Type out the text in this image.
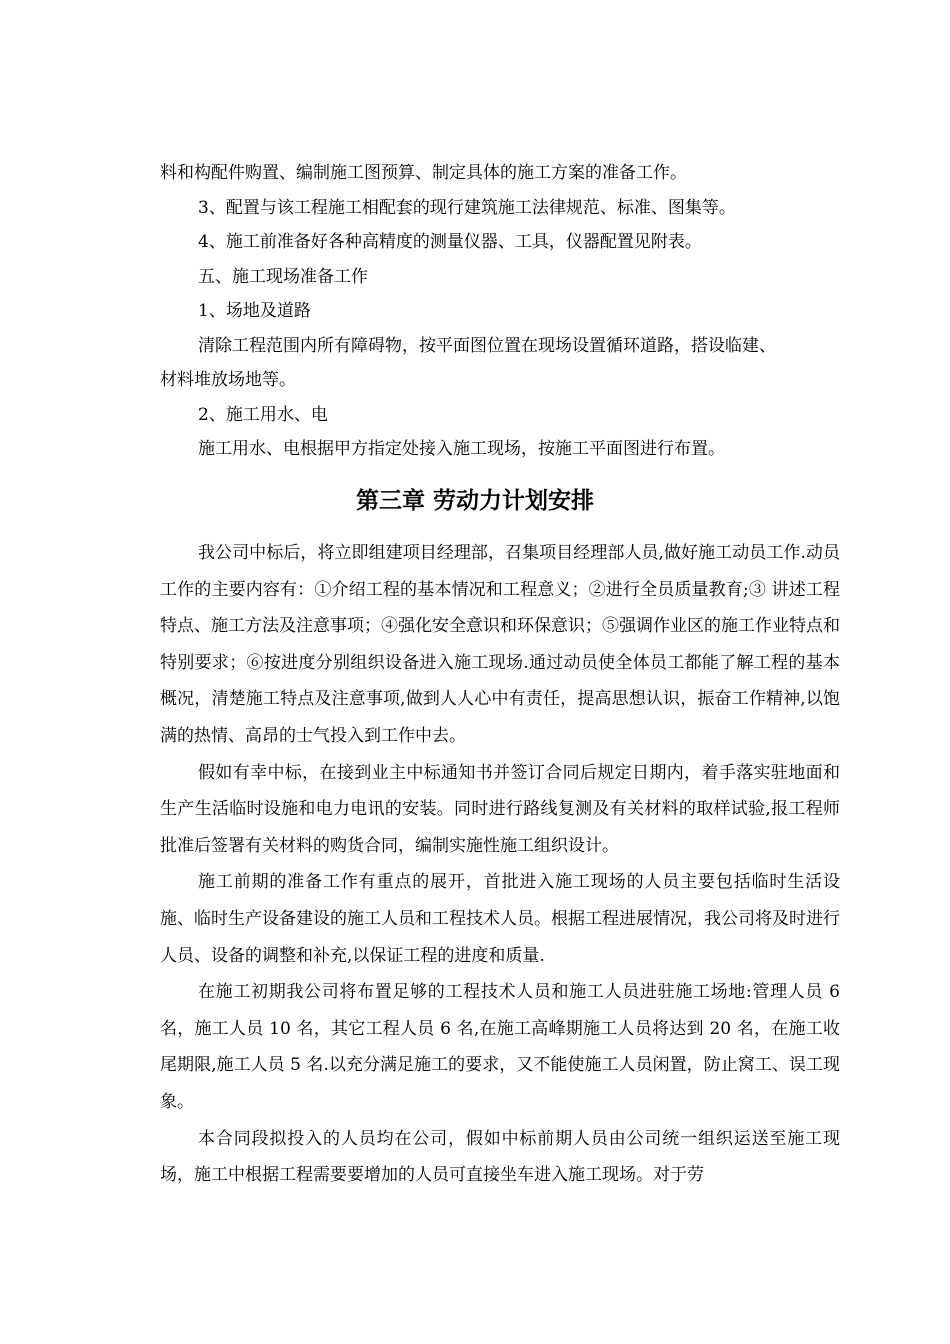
料和构配件购置、编制施工图预算、制定具体的施工方案的准备工作。

3、配置与该工程施工相配套的现行建筑施工法律规范、标准、图集等。

4、施工前准备好各种高精度的测量仪器、工具，仪器配置见附表。

五、施工现场准备工作

1、场地及道路

清除工程范围内所有障碍物，按平面图位置在现场设置循环道路，搭设临建、

材料堆放场地等。

2、施工用水、电

施工用水、电根据甲方指定处接入施工现场，按施工平面图进行布置。

第三章 劳动力计划安排

我公司中标后，将立即组建项目经理部，召集项目经理部人员,做好施工动员工作.动员工作的主要内容有：①介绍工程的基本情况和工程意义；②进行全员质量教育;③ 讲述工程特点、施工方法及注意事项；④强化安全意识和环保意识；⑤强调作业区的施工作业特点和特别要求；⑥按进度分别组织设备进入施工现场.通过动员使全体员工都能了解工程的基本概况，清楚施工特点及注意事项,做到人人心中有责任，提高思想认识，振奋工作精神,以饱满的热情、高昂的士气投入到工作中去。

假如有幸中标，在接到业主中标通知书并签订合同后规定日期内，着手落实驻地面和生产生活临时设施和电力电讯的安装。同时进行路线复测及有关材料的取样试验,报工程师批准后签署有关材料的购货合同，编制实施性施工组织设计。

施工前期的准备工作有重点的展开，首批进入施工现场的人员主要包括临时生活设施、临时生产设备建设的施工人员和工程技术人员。根据工程进展情况，我公司将及时进行人员、设备的调整和补充,以保证工程的进度和质量.

在施工初期我公司将布置足够的工程技术人员和施工人员进驻施工场地:管理人员 6 名，施工人员 10 名，其它工程人员 6 名,在施工高峰期施工人员将达到 20 名，在施工收尾期限,施工人员 5 名.以充分满足施工的要求，又不能使施工人员闲置，防止窝工、误工现象。

本合同段拟投入的人员均在公司，假如中标前期人员由公司统一组织运送至施工现场，施工中根据工程需要要增加的人员可直接坐车进入施工现场。对于劳
